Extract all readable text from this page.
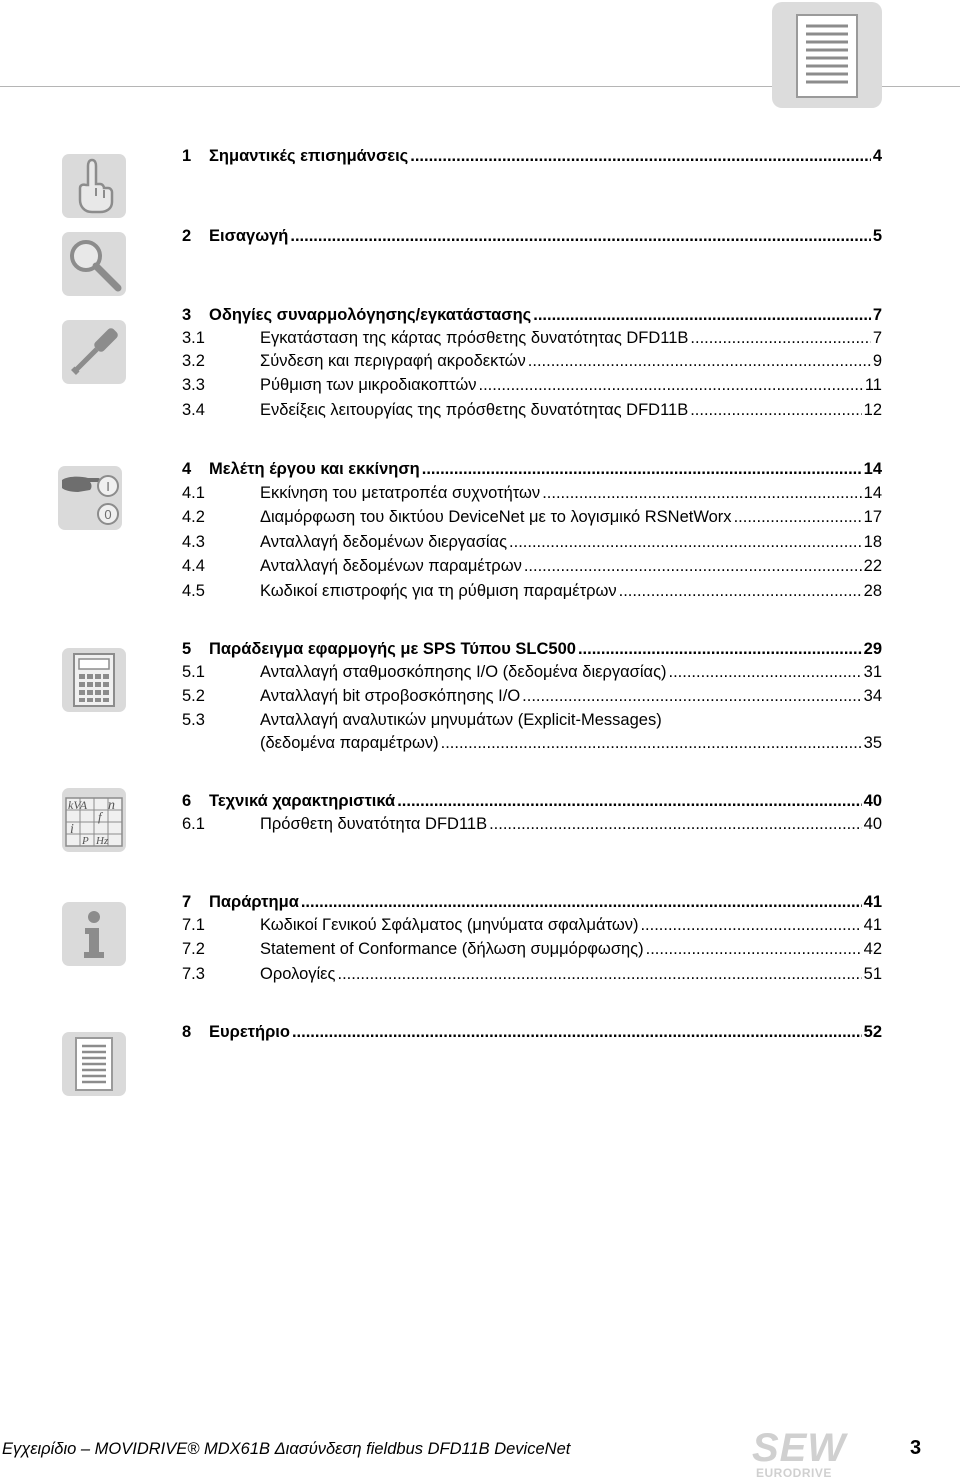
I
0
kVA n
f
i
P Hz
1 Σημαντικές επισημάνσεις .....	4
2 Εισαγωγή .....	5
3 Οδηγίες συναρμολόγησης/εγκατάστασης .....	7
3.1	Εγκατάσταση της κάρτας πρόσθετης δυνατότητας DFD11B .....	7
3.2	Σύνδεση και περιγραφή ακροδεκτών .....	9
3.3	Ρύθμιση των μικροδιακοπτών .....	11
3.4	Ενδείξεις λειτουργίας της πρόσθετης δυνατότητας DFD11B .....	12
4 Μελέτη έργου και εκκίνηση .....	14
4.1	Εκκίνηση του μετατροπέα συχνοτήτων .....	14
4.2	Διαμόρφωση του δικτύου DeviceNet με το λογισμικό RSNetWorx .....	17
4.3	Ανταλλαγή δεδομένων διεργασίας .....	18
4.4	Ανταλλαγή δεδομένων παραμέτρων .....	22
4.5	Κωδικοί επιστροφής για τη ρύθμιση παραμέτρων .....	28
5 Παράδειγμα εφαρμογής με SPS Τύπου SLC500 .....	29
5.1	Ανταλλαγή σταθμοσκόπησης I/O (δεδομένα διεργασίας) .....	31
5.2	Ανταλλαγή bit στροβοσκόπησης I/O .....	34
5.3	Ανταλλαγή αναλυτικών μηνυμάτων (Explicit-Messages)
(δεδομένα παραμέτρων) .....	35
6 Τεχνικά χαρακτηριστικά .....	40
6.1	Πρόσθετη δυνατότητα DFD11B .....	40
7 Παράρτημα .....	41
7.1	Κωδικοί Γενικού Σφάλματος (μηνύματα σφαλμάτων) .....	41
7.2	Statement of Conformance (δήλωση συμμόρφωσης) .....	42
7.3	Ορολογίες .....	51
8 Ευρετήριο .....	52
Εγχειρίδιο – MOVIDRIVE® MDX61B Διασύνδεση fieldbus DFD11B DeviceNet	SEW
EURODRIVE
3
